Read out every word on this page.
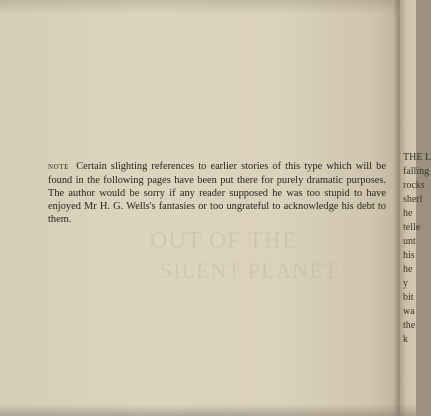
OUT OF THE
SILENT PLANET

note Certain slighting references to earlier stories of this type which will be found in the following pages have been put there for purely dramatic purposes. The author would be sorry if any reader supposed he was too stupid to have enjoyed Mr H. G. Wells's fantasies or too ungrateful to acknowledge his debt to them.

THE L
falling
rocks
sherl
he
telle
unt
his
he
y
bit
wa
the
k
